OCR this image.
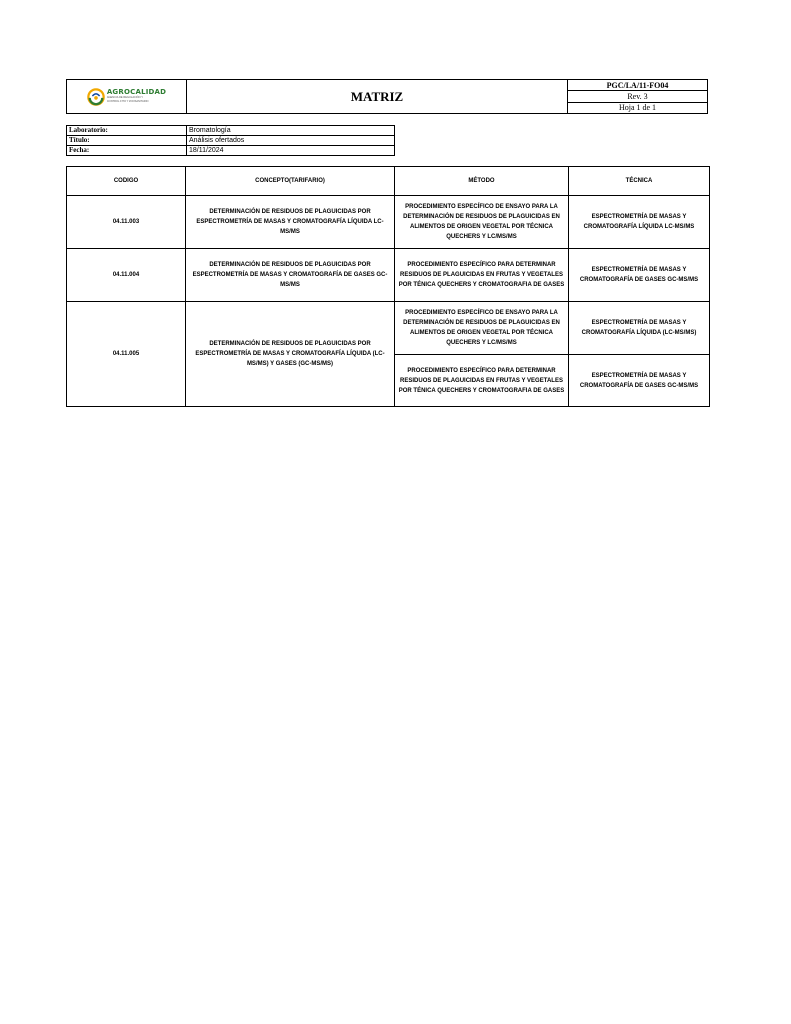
AGROCALIDAD
AGENCIA DE REGULACIÓN Y
CONTROL FITO Y ZOOSANITARIO	MATRIZ
PGC/LA/11-FO04
Rev. 3
Hoja 1 de 1
Laboratorio:	Bromatología
Título:	Análisis ofertados
Fecha:	18/11/2024
CODIGO	CONCEPTO(TARIFARIO)	MÉTODO	TÉCNICA
04.11.003	DETERMINACIÓN DE RESIDUOS DE PLAGUICIDAS POR ESPECTROMETRÍA DE MASAS Y CROMATOGRAFÍA LÍQUIDA LC-MS/MS	PROCEDIMIENTO ESPECÍFICO DE ENSAYO PARA LA DETERMINACIÓN DE RESIDUOS DE PLAGUICIDAS EN ALIMENTOS DE ORIGEN VEGETAL POR TÉCNICA QUECHERS Y LC/MS/MS	ESPECTROMETRÍA DE MASAS Y CROMATOGRAFÍA LÍQUIDA LC-MS/MS
04.11.004	DETERMINACIÓN DE RESIDUOS DE PLAGUICIDAS POR ESPECTROMETRÍA DE MASAS Y CROMATOGRAFÍA DE GASES GC-MS/MS	PROCEDIMIENTO ESPECÍFICO PARA DETERMINAR RESIDUOS DE PLAGUICIDAS EN FRUTAS Y VEGETALES POR TÉNICA QUECHERS Y CROMATOGRAFIA DE GASES	ESPECTROMETRÍA DE MASAS Y CROMATOGRAFÍA DE GASES GC-MS/MS
04.11.005	DETERMINACIÓN DE RESIDUOS DE PLAGUICIDAS POR ESPECTROMETRÍA DE MASAS Y CROMATOGRAFÍA LÍQUIDA (LC-MS/MS) Y GASES (GC-MS/MS)	PROCEDIMIENTO ESPECÍFICO DE ENSAYO PARA LA DETERMINACIÓN DE RESIDUOS DE PLAGUICIDAS EN ALIMENTOS DE ORIGEN VEGETAL POR TÉCNICA QUECHERS Y LC/MS/MS	ESPECTROMETRÍA DE MASAS Y CROMATOGRAFÍA LÍQUIDA (LC-MS/MS)
		PROCEDIMIENTO ESPECÍFICO PARA DETERMINAR RESIDUOS DE PLAGUICIDAS EN FRUTAS Y VEGETALES POR TÉNICA QUECHERS Y CROMATOGRAFIA DE GASES	ESPECTROMETRÍA DE MASAS Y CROMATOGRAFÍA DE GASES GC-MS/MS
